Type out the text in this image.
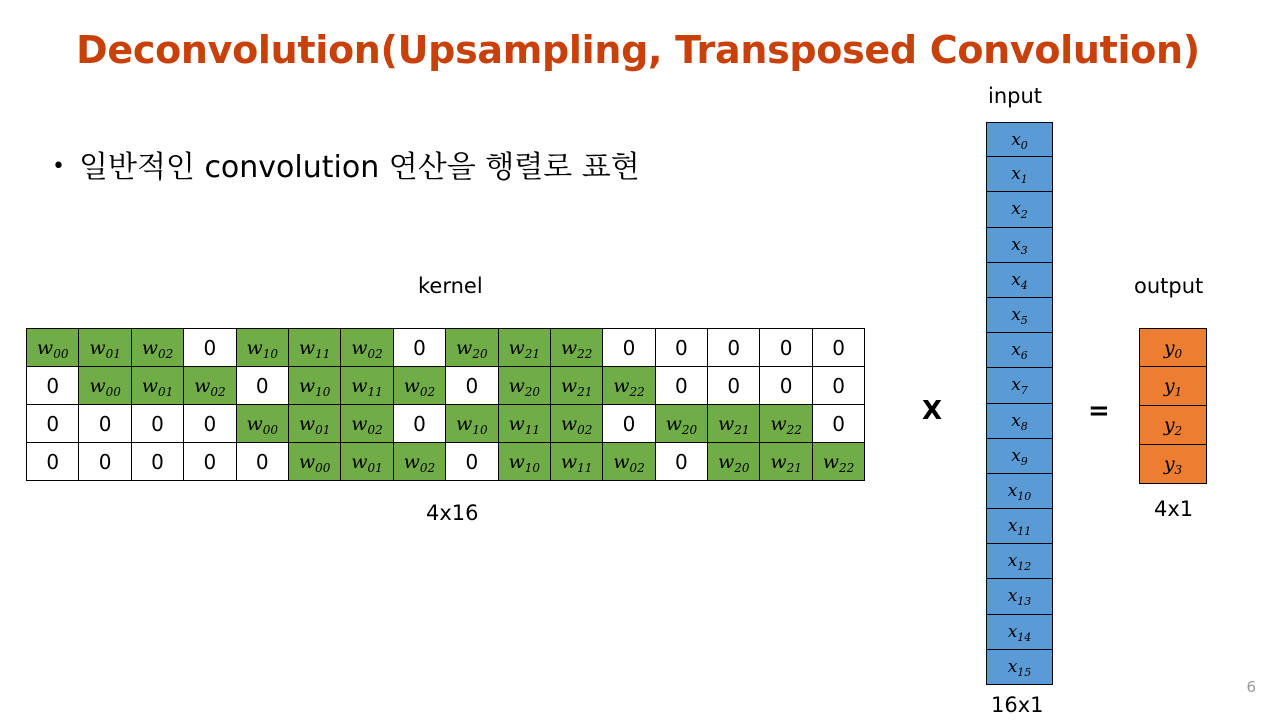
Deconvolution(Upsampling, Transposed Convolution)
• 일반적인 convolution 연산을 행렬로 표현
kernel
$w_{00}$	$w_{01}$	$w_{02}$	0	$w_{10}$	$w_{11}$	$w_{02}$	0	$w_{20}$	$w_{21}$	$w_{22}$	0	0	0	0	0
0	$w_{00}$	$w_{01}$	$w_{02}$	0	$w_{10}$	$w_{11}$	$w_{02}$	0	$w_{20}$	$w_{21}$	$w_{22}$	0	0	0	0
0	0	0	0	$w_{00}$	$w_{01}$	$w_{02}$	0	$w_{10}$	$w_{11}$	$w_{02}$	0	$w_{20}$	$w_{21}$	$w_{22}$	0
0	0	0	0	0	$w_{00}$	$w_{01}$	$w_{02}$	0	$w_{10}$	$w_{11}$	$w_{02}$	0	$w_{20}$	$w_{21}$	$w_{22}$
4x16
X
input
$x_0$
$x_1$
$x_2$
$x_3$
$x_4$
$x_5$
$x_6$
$x_7$
$x_8$
$x_9$
$x_{10}$
$x_{11}$
$x_{12}$
$x_{13}$
$x_{14}$
$x_{15}$
16x1
=
output
$y_0$
$y_1$
$y_2$
$y_3$
4x1
6
